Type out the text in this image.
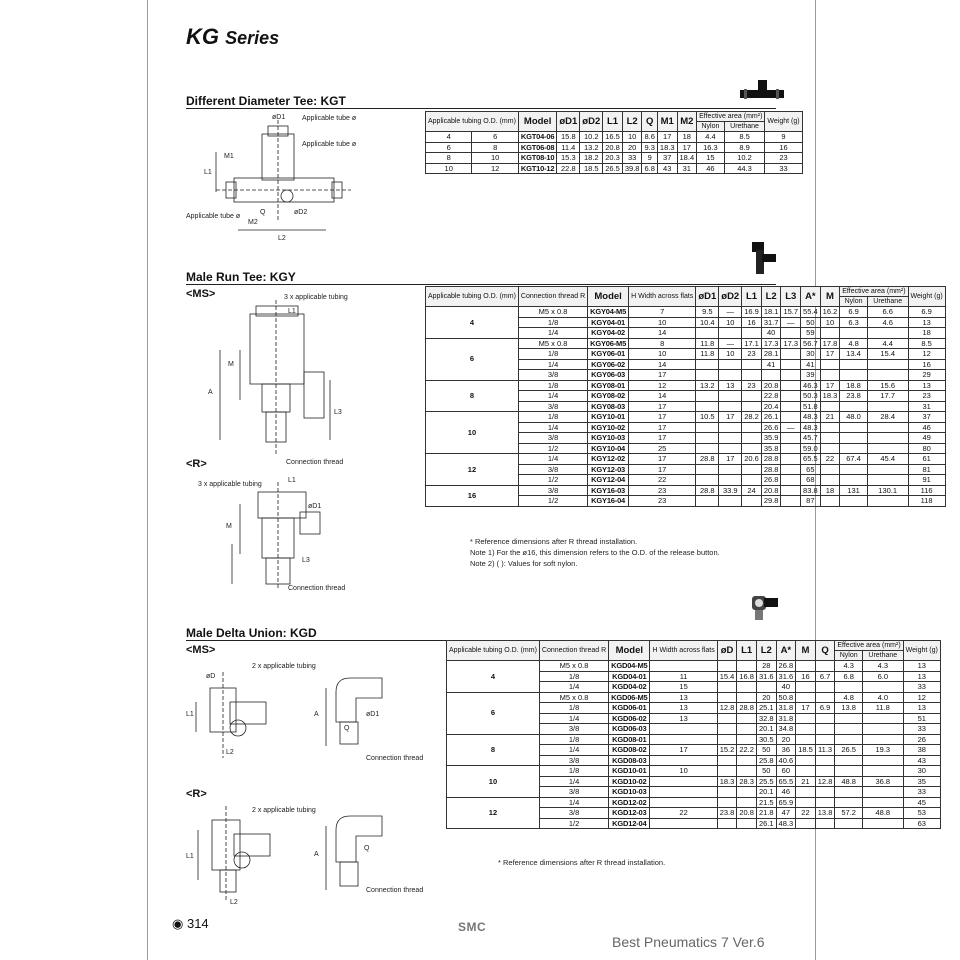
KG Series
Different Diameter Tee: KGT
øD1 Applicable tube ø
Applicable tube ø
Applicable tube ø
L1
M1
M2
Q	øD2
L2
Applicable tubing O.D. (mm)		Model	øD1	øD2	L1	L2	Q	M1	M2	Effective area (mm²)		Weight (g)
										Nylon	Urethane	
4	6	KGT04-06	15.8	10.2	16.5	10	8.6	17	18	4.4	8.5	9
6	8	KGT06-08	11.4	13.2	20.8	20	9.3	18.3	17	16.3	8.9	16
8	10	KGT08-10	15.3	18.2	20.3	33	9	37	18.4	15	10.2	23
10	12	KGT10-12	22.8	18.5	26.5	39.8	6.8	43	31	46	44.3	33
Male Run Tee: KGY
<MS>
<R>
3 x applicable tubing
L1
M
A
L3
Connection thread
3 x applicable tubing
L1
øD1
M
L3
Connection thread
Applicable tubing O.D. (mm)	Connection thread R	Model	H Width across flats	øD1	øD2	L1	L2	L3	A*	M	Effective area (mm²)		Weight (g)
											Nylon	Urethane	
4	M5 x 0.8	KGY04-M5	7	9.5	—	16.9	18.1	15.7	55.4	16.2	6.9	6.6	6.9
	1/8	KGY04-01	10	10.4	10	16	31.7	—	50	10	6.3	4.6	13
	1/4	KGY04-02	14				40		59				18
6	M5 x 0.8	KGY06-M5	8	11.8	—	17.1	17.3	17.3	56.7	17.8	4.8	4.4	8.5
	1/8	KGY06-01	10	11.8	10	23	28.1		30	17	13.4	15.4	12
	1/4	KGY06-02	14				41		41				16
	3/8	KGY06-03	17						39				29
8	1/8	KGY08-01	12	13.2	13	23	20.8		46.3	17	18.8	15.6	13
	1/4	KGY08-02	14				22.8		50.3	18.3	23.8	17.7	23
	3/8	KGY08-03	17				20.4		51.8				31
10	1/8	KGY10-01	17	10.5	17	28.2	26.1		48.3	21	48.0	28.4	37
	1/4	KGY10-02	17				26.6	—	48.3				46
	3/8	KGY10-03	17				35.9		45.7				49
	1/2	KGY10-04	25				35.8		59.0				80
12	1/4	KGY12-02	17	28.8	17	20.6	28.8		65.5	22	67.4	45.4	61
	3/8	KGY12-03	17				28.8		65				81
	1/2	KGY12-04	22				26.8		68				91
16	3/8	KGY16-03	23	28.8	33.9	24	20.8		83.8	18	131	130.1	116
	1/2	KGY16-04	23				29.8		87				118
* Reference dimensions after R thread installation.
Note 1) For the ø16, this dimension refers to the O.D. of the release button.
Note 2) ( ): Values for soft nylon.
Male Delta Union: KGD
<MS>
<R>
øD
2 x applicable tubing
L1
L2
A	øD1
Q
Connection thread
2 x applicable tubing
L1
L2
A
Q
Connection thread
Applicable tubing O.D. (mm)	Connection thread R	Model	H Width across flats	øD	L1	L2	A*	M	Q	Effective area (mm²)		Weight (g)
										Nylon	Urethane	
4	M5 x 0.8	KGD04-M5				28	26.8			4.3	4.3	13
	1/8	KGD04-01	11	15.4	16.8	31.6	31.6	16	6.7	6.8	6.0	13
	1/4	KGD04-02	15				40					33
6	M5 x 0.8	KGD06-M5	13			20	50.8			4.8	4.0	12
	1/8	KGD06-01	13	12.8	28.8	25.1	31.8	17	6.9	13.8	11.8	13
	1/4	KGD06-02	13			32.8	31.8					51
	3/8	KGD06-03				20.1	34.8					33
8	1/8	KGD08-01				30.5	20					26
	1/4	KGD08-02	17	15.2	22.2	50	36	18.5	11.3	26.5	19.3	38
	3/8	KGD08-03				25.8	40.6					43
10	1/8	KGD10-01	10			50	60					30
	1/4	KGD10-02		18.3	28.3	25.5	65.5	21	12.8	48.8	36.8	35
	3/8	KGD10-03				20.1	46					33
12	1/4	KGD12-02				21.5	65.9					45
	3/8	KGD12-03	22	23.8	20.8	21.8	47	22	13.8	57.2	48.8	53
	1/2	KGD12-04				26.1	48.3					63
* Reference dimensions after R thread installation.
◉ 314	SMC
Best Pneumatics 7 Ver.6
